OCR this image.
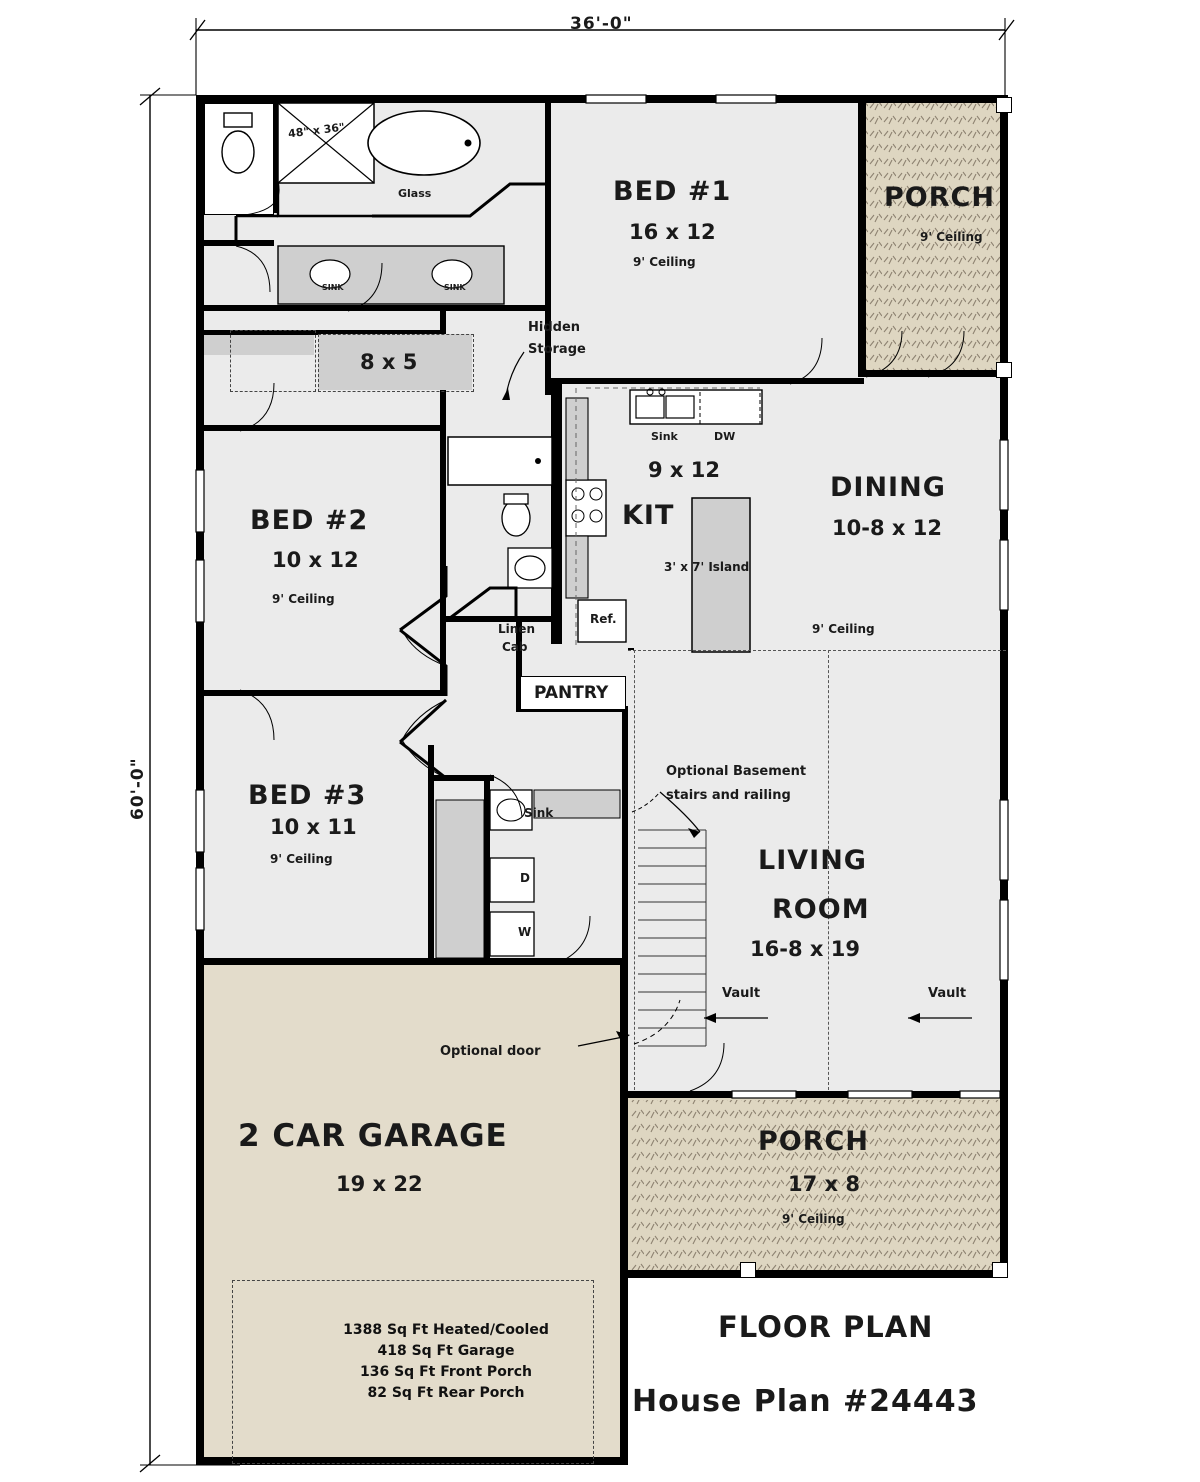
36'-0"
60'-0"
48" x 36"
Glass
SINK	SINK
8 x 5
Hidden
Storage
BED #1
16 x 12
9' Ceiling
PORCH
9' Ceiling
BED #2
10 x 12
9' Ceiling
BED #3
10 x 11
9' Ceiling
Linen
Cab
PANTRY
Sink	DW
KIT
9 x 12
3' x 7' Island
Ref.
DINING
10-8 x 12
9' Ceiling
LIVING
ROOM
16-8 x 19
Optional Basement
stairs and railing
Vault	Vault
Sink
D
W
Optional door
2 CAR GARAGE
19 x 22
PORCH
17 x 8
9' Ceiling
FLOOR PLAN
House Plan #24443
1388 Sq Ft Heated/Cooled
418 Sq Ft Garage
136 Sq Ft Front Porch
82 Sq Ft Rear Porch
